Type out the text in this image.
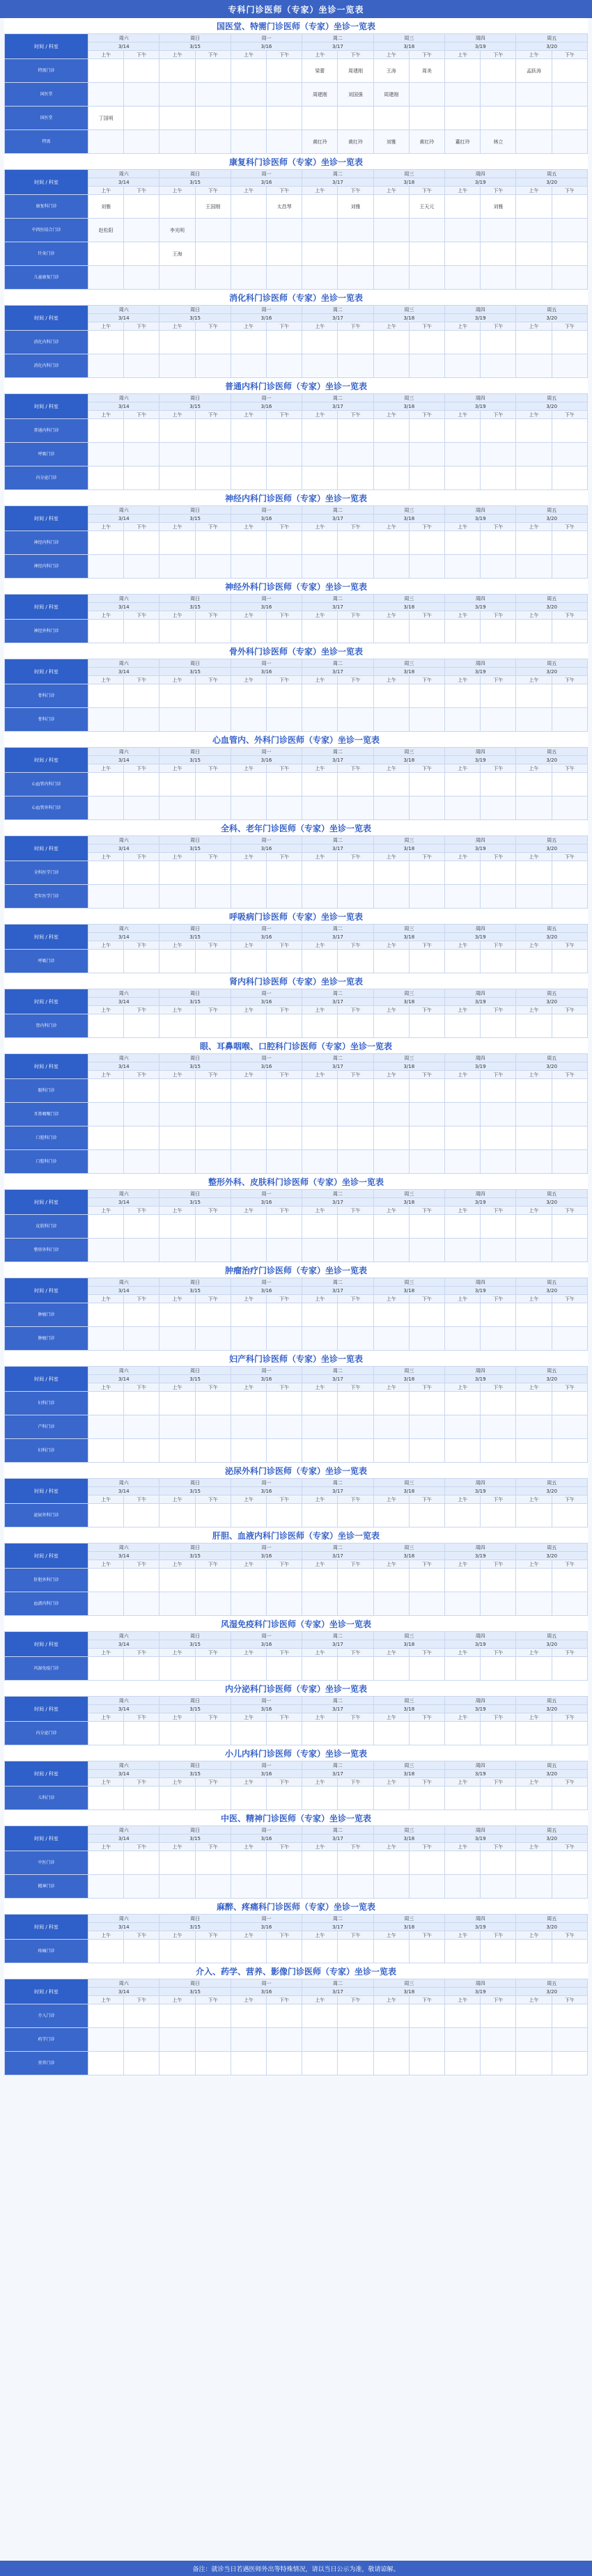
专科门诊医师（专家）坐诊一览表
国医堂、特需门诊医师（专家）坐诊一览表
时间 / 科室	周六		周日		周一		周二		周三		周四		周五	
	3/14		3/15		3/16		3/17		3/18		3/19		3/20	
	上午	下午	上午	下午	上午	下午	上午	下午	上午	下午	上午	下午	上午	下午
特需门诊							梁蕾	周建刚	王涛	周美			孟跃涛	
国医堂							周建刚	刘国强	周建刚					
国医堂	丁国明													
特需							黄红玲	黄红玲	刘雅	黄红玲	董红玲	林立		
康复科门诊医师（专家）坐诊一览表
时间 / 科室	周六		周日		周一		周二		周三		周四		周五	
	3/14		3/15		3/16		3/17		3/18		3/19		3/20	
	上午	下午	上午	下午	上午	下午	上午	下午	上午	下午	上午	下午	上午	下午
康复科门诊	刘雅			王国刚		太昌琴		刘雅		王天元		刘雅		
中西医结合门诊	赵松阳		李光明											
针灸门诊			王海											
儿童康复门诊														
消化科门诊医师（专家）坐诊一览表
时间 / 科室	周六		周日		周一		周二		周三		周四		周五	
	3/14		3/15		3/16		3/17		3/18		3/19		3/20	
	上午	下午	上午	下午	上午	下午	上午	下午	上午	下午	上午	下午	上午	下午
消化内科门诊														
消化内科门诊														
普通内科门诊医师（专家）坐诊一览表
时间 / 科室	周六		周日		周一		周二		周三		周四		周五	
	3/14		3/15		3/16		3/17		3/18		3/19		3/20	
	上午	下午	上午	下午	上午	下午	上午	下午	上午	下午	上午	下午	上午	下午
普通内科门诊														
呼吸门诊														
内分泌门诊														
神经内科门诊医师（专家）坐诊一览表
时间 / 科室	周六		周日		周一		周二		周三		周四		周五	
	3/14		3/15		3/16		3/17		3/18		3/19		3/20	
	上午	下午	上午	下午	上午	下午	上午	下午	上午	下午	上午	下午	上午	下午
神经内科门诊														
神经内科门诊														
神经外科门诊医师（专家）坐诊一览表
时间 / 科室	周六		周日		周一		周二		周三		周四		周五	
	3/14		3/15		3/16		3/17		3/18		3/19		3/20	
	上午	下午	上午	下午	上午	下午	上午	下午	上午	下午	上午	下午	上午	下午
神经外科门诊														
骨外科门诊医师（专家）坐诊一览表
时间 / 科室	周六		周日		周一		周二		周三		周四		周五	
	3/14		3/15		3/16		3/17		3/18		3/19		3/20	
	上午	下午	上午	下午	上午	下午	上午	下午	上午	下午	上午	下午	上午	下午
骨科门诊														
骨科门诊														
心血管内、外科门诊医师（专家）坐诊一览表
时间 / 科室	周六		周日		周一		周二		周三		周四		周五	
	3/14		3/15		3/16		3/17		3/18		3/19		3/20	
	上午	下午	上午	下午	上午	下午	上午	下午	上午	下午	上午	下午	上午	下午
心血管内科门诊														
心血管外科门诊														
全科、老年门诊医师（专家）坐诊一览表
时间 / 科室	周六		周日		周一		周二		周三		周四		周五	
	3/14		3/15		3/16		3/17		3/18		3/19		3/20	
	上午	下午	上午	下午	上午	下午	上午	下午	上午	下午	上午	下午	上午	下午
全科医学门诊														
老年医学门诊														
呼吸病门诊医师（专家）坐诊一览表
时间 / 科室	周六		周日		周一		周二		周三		周四		周五	
	3/14		3/15		3/16		3/17		3/18		3/19		3/20	
	上午	下午	上午	下午	上午	下午	上午	下午	上午	下午	上午	下午	上午	下午
呼吸门诊														
肾内科门诊医师（专家）坐诊一览表
时间 / 科室	周六		周日		周一		周二		周三		周四		周五	
	3/14		3/15		3/16		3/17		3/18		3/19		3/20	
	上午	下午	上午	下午	上午	下午	上午	下午	上午	下午	上午	下午	上午	下午
肾内科门诊														
眼、耳鼻咽喉、口腔科门诊医师（专家）坐诊一览表
时间 / 科室	周六		周日		周一		周二		周三		周四		周五	
	3/14		3/15		3/16		3/17		3/18		3/19		3/20	
	上午	下午	上午	下午	上午	下午	上午	下午	上午	下午	上午	下午	上午	下午
眼科门诊														
耳鼻咽喉门诊														
口腔科门诊														
口腔科门诊														
整形外科、皮肤科门诊医师（专家）坐诊一览表
时间 / 科室	周六		周日		周一		周二		周三		周四		周五	
	3/14		3/15		3/16		3/17		3/18		3/19		3/20	
	上午	下午	上午	下午	上午	下午	上午	下午	上午	下午	上午	下午	上午	下午
皮肤科门诊														
整形外科门诊														
肿瘤治疗门诊医师（专家）坐诊一览表
时间 / 科室	周六		周日		周一		周二		周三		周四		周五	
	3/14		3/15		3/16		3/17		3/18		3/19		3/20	
	上午	下午	上午	下午	上午	下午	上午	下午	上午	下午	上午	下午	上午	下午
肿瘤门诊														
肿瘤门诊														
妇产科门诊医师（专家）坐诊一览表
时间 / 科室	周六		周日		周一		周二		周三		周四		周五	
	3/14		3/15		3/16		3/17		3/18		3/19		3/20	
	上午	下午	上午	下午	上午	下午	上午	下午	上午	下午	上午	下午	上午	下午
妇科门诊														
产科门诊														
妇科门诊														
泌尿外科门诊医师（专家）坐诊一览表
时间 / 科室	周六		周日		周一		周二		周三		周四		周五	
	3/14		3/15		3/16		3/17		3/18		3/19		3/20	
	上午	下午	上午	下午	上午	下午	上午	下午	上午	下午	上午	下午	上午	下午
泌尿外科门诊														
肝胆、血液内科门诊医师（专家）坐诊一览表
时间 / 科室	周六		周日		周一		周二		周三		周四		周五	
	3/14		3/15		3/16		3/17		3/18		3/19		3/20	
	上午	下午	上午	下午	上午	下午	上午	下午	上午	下午	上午	下午	上午	下午
肝胆外科门诊														
血液内科门诊														
风湿免疫科门诊医师（专家）坐诊一览表
时间 / 科室	周六		周日		周一		周二		周三		周四		周五	
	3/14		3/15		3/16		3/17		3/18		3/19		3/20	
	上午	下午	上午	下午	上午	下午	上午	下午	上午	下午	上午	下午	上午	下午
风湿免疫门诊														
内分泌科门诊医师（专家）坐诊一览表
时间 / 科室	周六		周日		周一		周二		周三		周四		周五	
	3/14		3/15		3/16		3/17		3/18		3/19		3/20	
	上午	下午	上午	下午	上午	下午	上午	下午	上午	下午	上午	下午	上午	下午
内分泌门诊														
小儿内科门诊医师（专家）坐诊一览表
时间 / 科室	周六		周日		周一		周二		周三		周四		周五	
	3/14		3/15		3/16		3/17		3/18		3/19		3/20	
	上午	下午	上午	下午	上午	下午	上午	下午	上午	下午	上午	下午	上午	下午
儿科门诊														
中医、精神门诊医师（专家）坐诊一览表
时间 / 科室	周六		周日		周一		周二		周三		周四		周五	
	3/14		3/15		3/16		3/17		3/18		3/19		3/20	
	上午	下午	上午	下午	上午	下午	上午	下午	上午	下午	上午	下午	上午	下午
中医门诊														
精神门诊														
麻醉、疼痛科门诊医师（专家）坐诊一览表
时间 / 科室	周六		周日		周一		周二		周三		周四		周五	
	3/14		3/15		3/16		3/17		3/18		3/19		3/20	
	上午	下午	上午	下午	上午	下午	上午	下午	上午	下午	上午	下午	上午	下午
疼痛门诊														
介入、药学、营养、影像门诊医师（专家）坐诊一览表
时间 / 科室	周六		周日		周一		周二		周三		周四		周五	
	3/14		3/15		3/16		3/17		3/18		3/19		3/20	
	上午	下午	上午	下午	上午	下午	上午	下午	上午	下午	上午	下午	上午	下午
介入门诊														
药学门诊														
营养门诊														
备注：就诊当日若遇医师外出等特殊情况，请以当日公示为准，敬请谅解。
